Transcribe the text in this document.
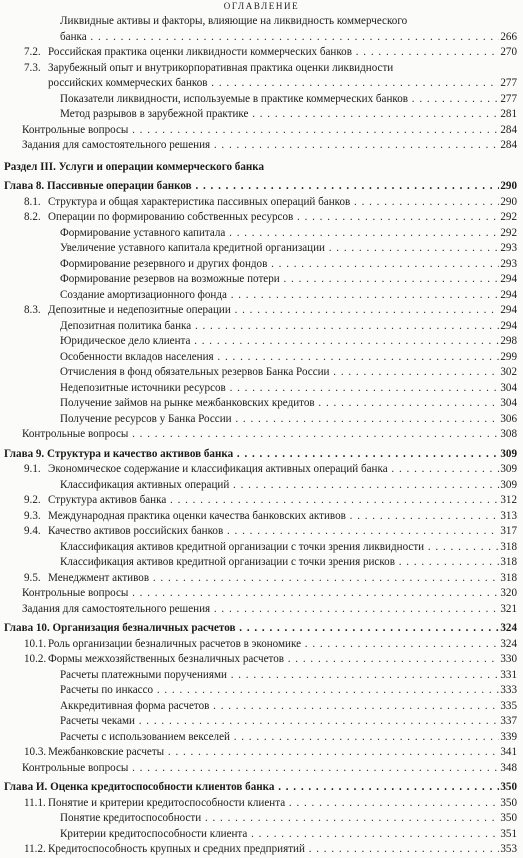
ОГЛАВЛЕНИЕ
Ликвидные активы и факторы, влияющие на ликвидность коммерческого
банка . . .	266
7.2. Российская практика оценки ликвидности коммерческих банков . . .	270
7.3. Зарубежный опыт и внутрикорпоративная практика оценки ликвидности
российских коммерческих банков . . .	277
Показатели ликвидности, используемые в практике коммерческих банков . . .	277
Метод разрывов в зарубежной практике . . .	281
Контрольные вопросы . . .	284
Задания для самостоятельного решения . . .	284
Раздел III. Услуги и операции коммерческого банка
Глава 8. Пассивные операции банков . . .	290
8.1. Структура и общая характеристика пассивных операций банков . . .	290
8.2. Операции по формированию собственных ресурсов . . .	292
Формирование уставного капитала . . .	292
Увеличение уставного капитала кредитной организации . . .	293
Формирование резервного и других фондов . . .	293
Формирование резервов на возможные потери . . .	294
Создание амортизационного фонда . . .	294
8.3. Депозитные и недепозитные операции . . .	294
Депозитная политика банка . . .	294
Юридическое дело клиента . . .	298
Особенности вкладов населения . . .	299
Отчисления в фонд обязательных резервов Банка России . . .	302
Недепозитные источники ресурсов . . .	304
Получение займов на рынке межбанковских кредитов . . .	304
Получение ресурсов у Банка России . . .	306
Контрольные вопросы . . .	308
Глава 9. Структура и качество активов банка . . .	309
9.1. Экономическое содержание и классификация активных операций банка . . .	309
Классификация активных операций . . .	309
9.2. Структура активов банка . . .	312
9.3. Международная практика оценки качества банковских активов . . .	313
9.4. Качество активов российских банков . . .	317
Классификация активов кредитной организации с точки зрения ликвидности . . .	318
Классификация активов кредитной организации с точки зрения рисков . . .	318
9.5. Менеджмент активов . . .	318
Контрольные вопросы . . .	320
Задания для самостоятельного решения . . .	321
Глава 10. Организация безналичных расчетов . . .	324
10.1. Роль организации безналичных расчетов в экономике . . .	324
10.2. Формы межхозяйственных безналичных расчетов . . .	330
Расчеты платежными поручениями . . .	331
Расчеты по инкассо . . .	333
Аккредитивная форма расчетов . . .	335
Расчеты чеками . . .	337
Расчеты с использованием векселей . . .	339
10.3. Межбанковские расчеты . . .	341
Контрольные вопросы . . .	348
Глава И. Оценка кредитоспособности клиентов банка . . .	350
11.1. Понятие и критерии кредитоспособности клиента . . .	350
Понятие кредитоспособности . . .	350
Критерии кредитоспособности клиента . . .	351
11.2. Кредитоспособность крупных и средних предприятий . . .	353
